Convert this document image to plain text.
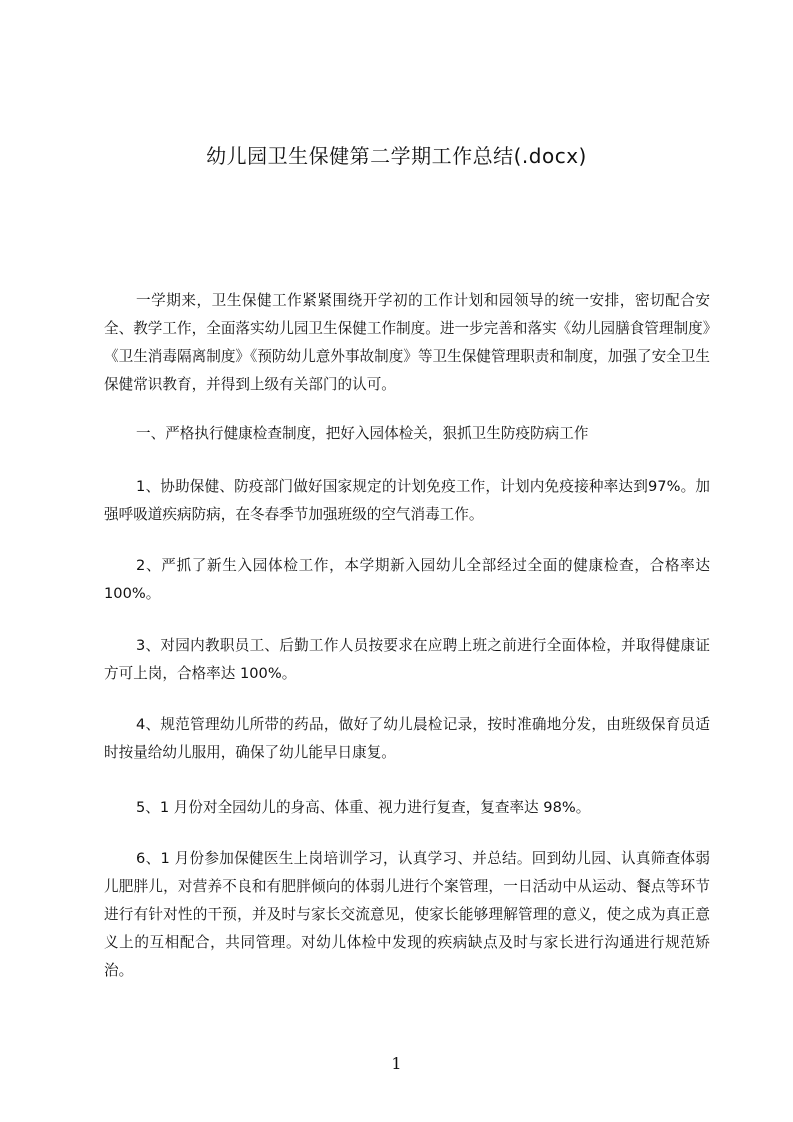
幼儿园卫生保健第二学期工作总结(.docx)

一学期来，卫生保健工作紧紧围绕开学初的工作计划和园领导的统一安排，密切配合安全、教学工作，全面落实幼儿园卫生保健工作制度。进一步完善和落实《幼儿园膳食管理制度》《卫生消毒隔离制度》《预防幼儿意外事故制度》等卫生保健管理职责和制度，加强了安全卫生保健常识教育，并得到上级有关部门的认可。

一、严格执行健康检查制度，把好入园体检关，狠抓卫生防疫防病工作

1、协助保健、防疫部门做好国家规定的计划免疫工作，计划内免疫接种率达到97%。加强呼吸道疾病防病，在冬春季节加强班级的空气消毒工作。

2、严抓了新生入园体检工作，本学期新入园幼儿全部经过全面的健康检查，合格率达 100%。

3、对园内教职员工、后勤工作人员按要求在应聘上班之前进行全面体检，并取得健康证方可上岗，合格率达 100%。

4、规范管理幼儿所带的药品，做好了幼儿晨检记录，按时准确地分发，由班级保育员适时按量给幼儿服用，确保了幼儿能早日康复。

5、1 月份对全园幼儿的身高、体重、视力进行复查，复查率达 98%。

6、1 月份参加保健医生上岗培训学习，认真学习、并总结。回到幼儿园、认真筛查体弱儿肥胖儿，对营养不良和有肥胖倾向的体弱儿进行个案管理，一日活动中从运动、餐点等环节进行有针对性的干预，并及时与家长交流意见，使家长能够理解管理的意义，使之成为真正意义上的互相配合，共同管理。对幼儿体检中发现的疾病缺点及时与家长进行沟通进行规范矫治。

1
